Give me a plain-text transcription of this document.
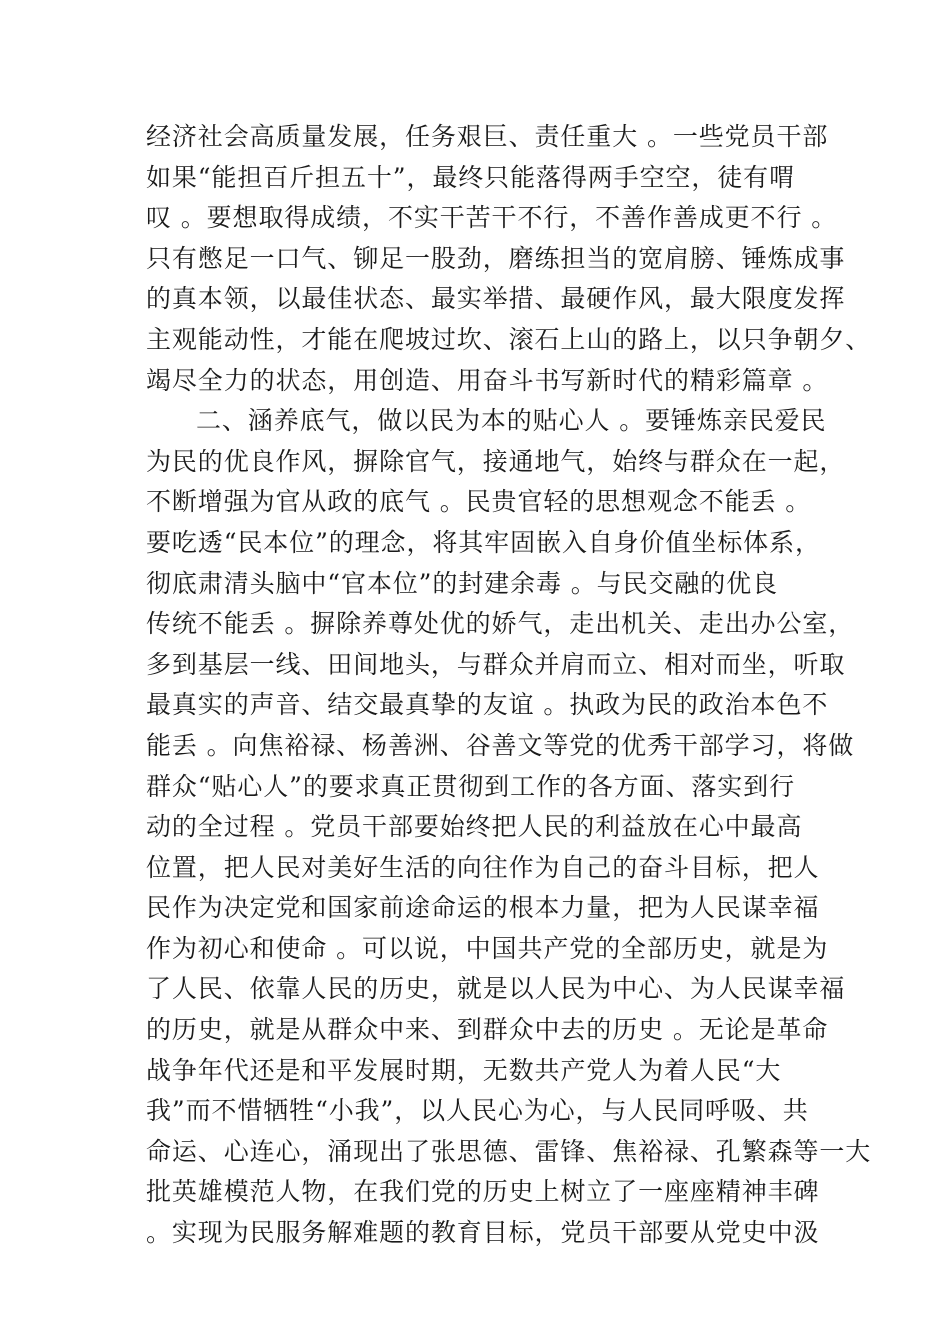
经济社会高质量发展，任务艰巨、责任重大 。一些党员干部
如果“能担百斤担五十”，最终只能落得两手空空，徒有喟
叹 。要想取得成绩，不实干苦干不行，不善作善成更不行 。
只有憋足一口气、铆足一股劲，磨练担当的宽肩膀、锤炼成事
的真本领，以最佳状态、最实举措、最硬作风，最大限度发挥
主观能动性，才能在爬坡过坎、滚石上山的路上，以只争朝夕、
竭尽全力的状态，用创造、用奋斗书写新时代的精彩篇章 。
二、涵养底气，做以民为本的贴心人 。要锤炼亲民爱民
为民的优良作风，摒除官气，接通地气，始终与群众在一起，
不断增强为官从政的底气 。民贵官轻的思想观念不能丢 。
要吃透“民本位”的理念，将其牢固嵌入自身价值坐标体系，
彻底肃清头脑中“官本位”的封建余毒 。与民交融的优良
传统不能丢 。摒除养尊处优的娇气，走出机关、走出办公室，
多到基层一线、田间地头，与群众并肩而立、相对而坐，听取
最真实的声音、结交最真挚的友谊 。执政为民的政治本色不
能丢 。向焦裕禄、杨善洲、谷善文等党的优秀干部学习，将做
群众“贴心人”的要求真正贯彻到工作的各方面、落实到行
动的全过程 。党员干部要始终把人民的利益放在心中最高
位置，把人民对美好生活的向往作为自己的奋斗目标，把人
民作为决定党和国家前途命运的根本力量，把为人民谋幸福
作为初心和使命 。可以说，中国共产党的全部历史，就是为
了人民、依靠人民的历史，就是以人民为中心、为人民谋幸福
的历史，就是从群众中来、到群众中去的历史 。无论是革命
战争年代还是和平发展时期，无数共产党人为着人民“大
我”而不惜牺牲“小我”，以人民心为心，与人民同呼吸、共
命运、心连心，涌现出了张思德、雷锋、焦裕禄、孔繁森等一大
批英雄模范人物，在我们党的历史上树立了一座座精神丰碑
。实现为民服务解难题的教育目标，党员干部要从党史中汲
